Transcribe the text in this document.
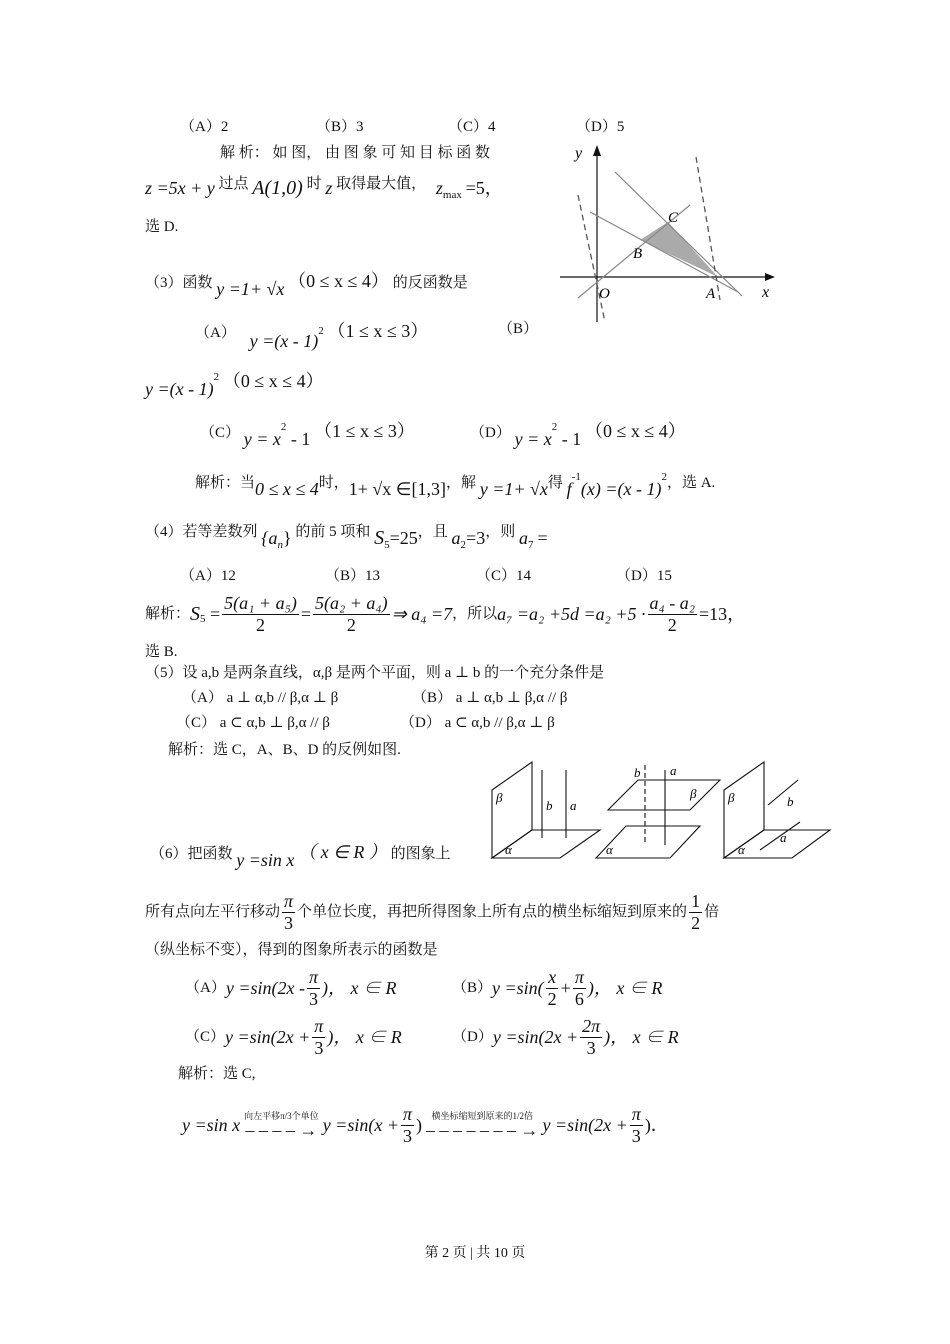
（A）2	（B）3	（C）4	（D）5
解 析： 如 图， 由 图 象 可 知 目 标 函 数
z =5x + y 过点 A(1,0) 时 z 取得最大值， $z_{max} =5$，
选 D.
y
x
O	A
B
C
（3）函数 y =1+ √x （0 ≤ x ≤ 4） 的反函数是
（A） y =(x - 1)$^2$ （1 ≤ x ≤ 3）	（B）
y =(x - 1)$^2$ （0 ≤ x ≤ 4）
（C） $y = x^2 - 1$ （1 ≤ x ≤ 3）	（D） $y = x^2 - 1$ （0 ≤ x ≤ 4）
解析：当0 ≤ x ≤ 4时，1+ √x ∈[1,3]，解 y =1+ √x得 $f^{-1}(x) =(x - 1)^2$，选 A.
（4）若等差数列 $\{a_n\}$ 的前 5 项和 $S_5=25$，且 $a_2=3$，则 $a_7$ =
（A）12	（B）13	（C）14	（D）15
解析： S $5 = \frac{\text{5(a₁ + a₅)}}{2} = \frac{\text{5(a₂ + a₄)}}{2}$ ⇒ a₄ =7 ，所以 $a_7 =a_2 +5d =a_2 +5 \cdot \frac{\text{a₄ - a₂}}{2} =13$，
选 B.
（5）设 a,b 是两条直线，α,β 是两个平面，则 a ⊥ b 的一个充分条件是
（A） a ⊥ α,b // β,α ⊥ β	（B） a ⊥ α,b ⊥ β,α // β
（C） a ⊂ α,b ⊥ β,α // β	（D） a ⊂ α,b // β,α ⊥ β
解析：选 C，A、B、D 的反例如图.
β
α
b a
b a
α
β β	b
a
α
（6）把函数 y =sin x （ x ∈ R ） 的图象上
所有点向左平行移动 $\frac{\pi}{3}$ 个单位长度，再把所得图象上所有点的横坐标缩短到原来的 $\frac{1}{2}$ 倍
（纵坐标不变），得到的图象所表示的函数是
（A） $y =\sin(2x - \frac{\pi}{3}$ )， x ∈ R	（B） $y =\sin( \frac{x}{2} + \frac{\pi}{6}$ )， x ∈ R
（C） $y =\sin(2x + \frac{\pi}{3}$ )， x ∈ R	（D） $y =\sin(2x + \frac{2\pi}{3}$ )， x ∈ R
解析：选 C,
y =sin x 向左平移π/3个单位
– – – – → $y =\sin(x + \frac{\pi}{3}$ ) 横坐标缩短到原来的1/2倍
– – – – – – – → $y =\sin(2x + \frac{\pi}{3}$ )．
第 2 页 | 共 10 页
